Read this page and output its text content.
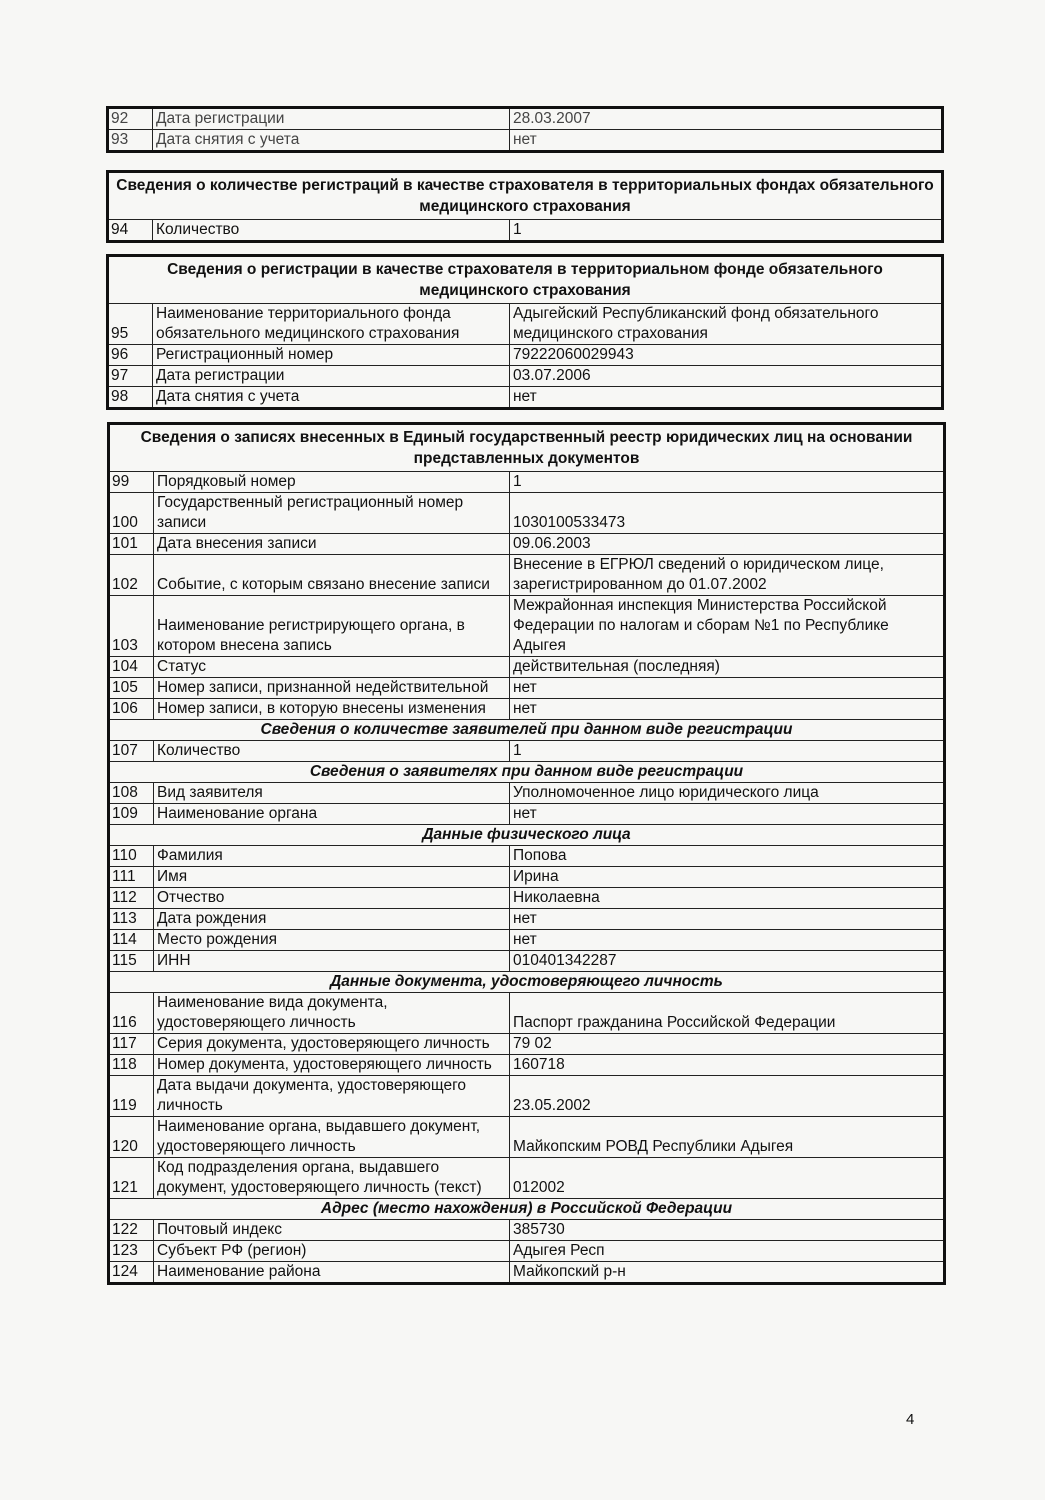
92	Дата регистрации	28.03.2007
93	Дата снятия с учета	нет
Сведения о количестве регистраций в качестве страхователя в территориальных фондах обязательного медицинского страхования
94	Количество	1
Сведения о регистрации в качестве страхователя в территориальном фонде обязательного медицинского страхования		
95	Наименование территориального фонда обязательного медицинского страхования	Адыгейский Республиканский фонд обязательного медицинского страхования
96	Регистрационный номер	79222060029943
97	Дата регистрации	03.07.2006
98	Дата снятия с учета	нет
Сведения о записях внесенных в Единый государственный реестр юридических лиц на основании представленных документов		
99	Порядковый номер	1
100	Государственный регистрационный номер записи	1030100533473
101	Дата внесения записи	09.06.2003
102	Событие, с которым связано внесение записи	Внесение в ЕГРЮЛ сведений о юридическом лице, зарегистрированном до 01.07.2002
103	Наименование регистрирующего органа, в котором внесена запись	Межрайонная инспекция Министерства Российской Федерации по налогам и сборам №1 по Республике Адыгея
104	Статус	действительная (последняя)
105	Номер записи, признанной недействительной	нет
106	Номер записи, в которую внесены изменения	нет
Сведения о количестве заявителей при данном виде регистрации		
107	Количество	1
Сведения о заявителях при данном виде регистрации		
108	Вид заявителя	Уполномоченное лицо юридического лица
109	Наименование органа	нет
Данные физического лица		
110	Фамилия	Попова
111	Имя	Ирина
112	Отчество	Николаевна
113	Дата рождения	нет
114	Место рождения	нет
115	ИНН	010401342287
Данные документа, удостоверяющего личность		
116	Наименование вида документа, удостоверяющего личность	Паспорт гражданина Российской Федерации
117	Серия документа, удостоверяющего личность	79 02
118	Номер документа, удостоверяющего личность	160718
119	Дата выдачи документа, удостоверяющего личность	23.05.2002
120	Наименование органа, выдавшего документ, удостоверяющего личность	Майкопским РОВД Республики Адыгея
121	Код подразделения органа, выдавшего документ, удостоверяющего личность (текст)	012002
Адрес (место нахождения) в Российской Федерации		
122	Почтовый индекс	385730
123	Субъект РФ (регион)	Адыгея Респ
124	Наименование района	Майкопский р-н
4
